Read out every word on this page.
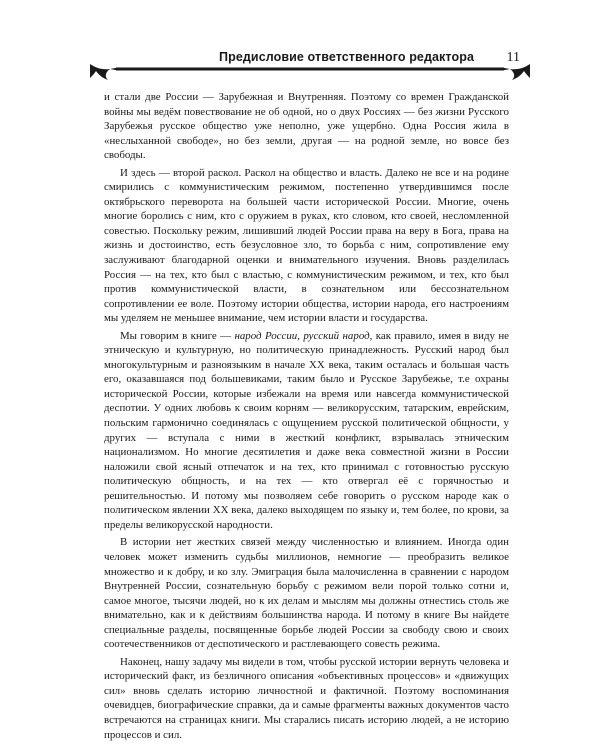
Предисловие ответственного редактора 11

и стали две России — Зарубежная и Внутренняя. Поэтому со времен Гражданской войны мы ведём повествование не об одной, но о двух Россиях — без жизни Русского Зарубежья русское общество уже неполно, уже ущербно. Одна Россия жила в «неслыханной свободе», но без земли, другая — на родной земле, но вовсе без свободы.

И здесь — второй раскол. Раскол на общество и власть. Далеко не все и на родине смирились с коммунистическим режимом, постепенно утвердившимся после октябрьского переворота на большей части исторической России. Многие, очень многие боролись с ним, кто с оружием в руках, кто словом, кто своей, несломленной совестью. Поскольку режим, лишивший людей России права на веру в Бога, права на жизнь и достоинство, есть безусловное зло, то борьба с ним, сопротивление ему заслуживают благодарной оценки и внимательного изучения. Вновь разделилась Россия — на тех, кто был с властью, с коммунистическим режимом, и тех, кто был против коммунистической власти, в сознательном или бессознательном сопротивлении ее воле. Поэтому истории общества, истории народа, его настроениям мы уделяем не меньшее внимание, чем истории власти и государства.

Мы говорим в книге — народ России, русский народ, как правило, имея в виду не этническую и культурную, но политическую принадлежность. Русский народ был многокультурным и разноязыким в начале XX века, таким осталась и большая часть его, оказавшаяся под большевиками, таким было и Русское Зарубежье, т.е охраны исторической России, которые избежали на время или навсегда коммунистической деспотии. У одних любовь к своим корням — великорусским, татарским, еврейским, польским гармонично соединялась с ощущением русской политической общности, у других — вступала с ними в жесткий конфликт, взрывалась этническим национализмом. Но многие десятилетия и даже века совместной жизни в России наложили свой ясный отпечаток и на тех, кто принимал с готовностью русскую политическую общность, и на тех — кто отвергал её с горячностью и решительностью. И потому мы позволяем себе говорить о русском народе как о политическом явлении XX века, далеко выходящем по языку и, тем более, по крови, за пределы великорусской народности.

В истории нет жестких связей между численностью и влиянием. Иногда один человек может изменить судьбы миллионов, немногие — преобразить великое множество и к добру, и ко злу. Эмиграция была малочисленна в сравнении с народом Внутренней России, сознательную борьбу с режимом вели порой только сотни и, самое многое, тысячи людей, но к их делам и мыслям мы должны отнестись столь же внимательно, как и к действиям большинства народа. И потому в книге Вы найдете специальные разделы, посвященные борьбе людей России за свободу свою и своих соотечественников от деспотического и растлевающего совесть режима.

Наконец, нашу задачу мы видели в том, чтобы русской истории вернуть человека и исторический факт, из безличного описания «объективных процессов» и «движущих сил» вновь сделать историю личностной и фактичной. Поэтому воспоминания очевидцев, биографические справки, да и самые фрагменты важных документов часто встречаются на страницах книги. Мы старались писать историю людей, а не историю процессов и сил.
